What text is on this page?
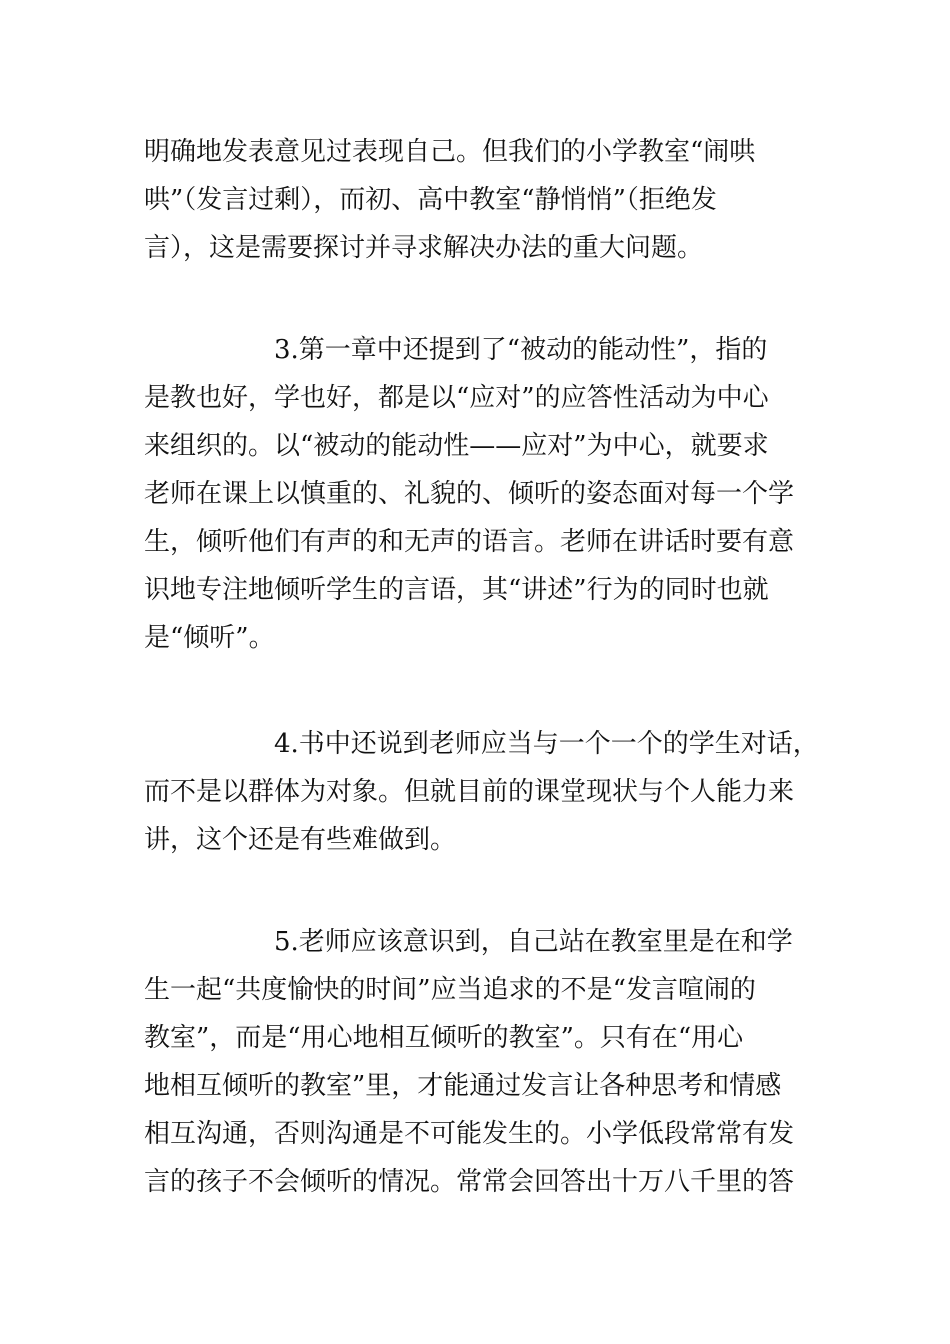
明确地发表意见过表现自己。但我们的小学教室“闹哄
哄”（发言过剩），而初、高中教室“静悄悄”（拒绝发
言），这是需要探讨并寻求解决办法的重大问题。
3.第一章中还提到了“被动的能动性”，指的
是教也好，学也好，都是以“应对”的应答性活动为中心
来组织的。以“被动的能动性——应对”为中心，就要求
老师在课上以慎重的、礼貌的、倾听的姿态面对每一个学
生，倾听他们有声的和无声的语言。老师在讲话时要有意
识地专注地倾听学生的言语，其“讲述”行为的同时也就
是“倾听”。
4.书中还说到老师应当与一个一个的学生对话，
而不是以群体为对象。但就目前的课堂现状与个人能力来
讲，这个还是有些难做到。
5.老师应该意识到，自己站在教室里是在和学
生一起“共度愉快的时间”应当追求的不是“发言喧闹的
教室”，而是“用心地相互倾听的教室”。只有在“用心
地相互倾听的教室”里，才能通过发言让各种思考和情感
相互沟通，否则沟通是不可能发生的。小学低段常常有发
言的孩子不会倾听的情况。常常会回答出十万八千里的答
